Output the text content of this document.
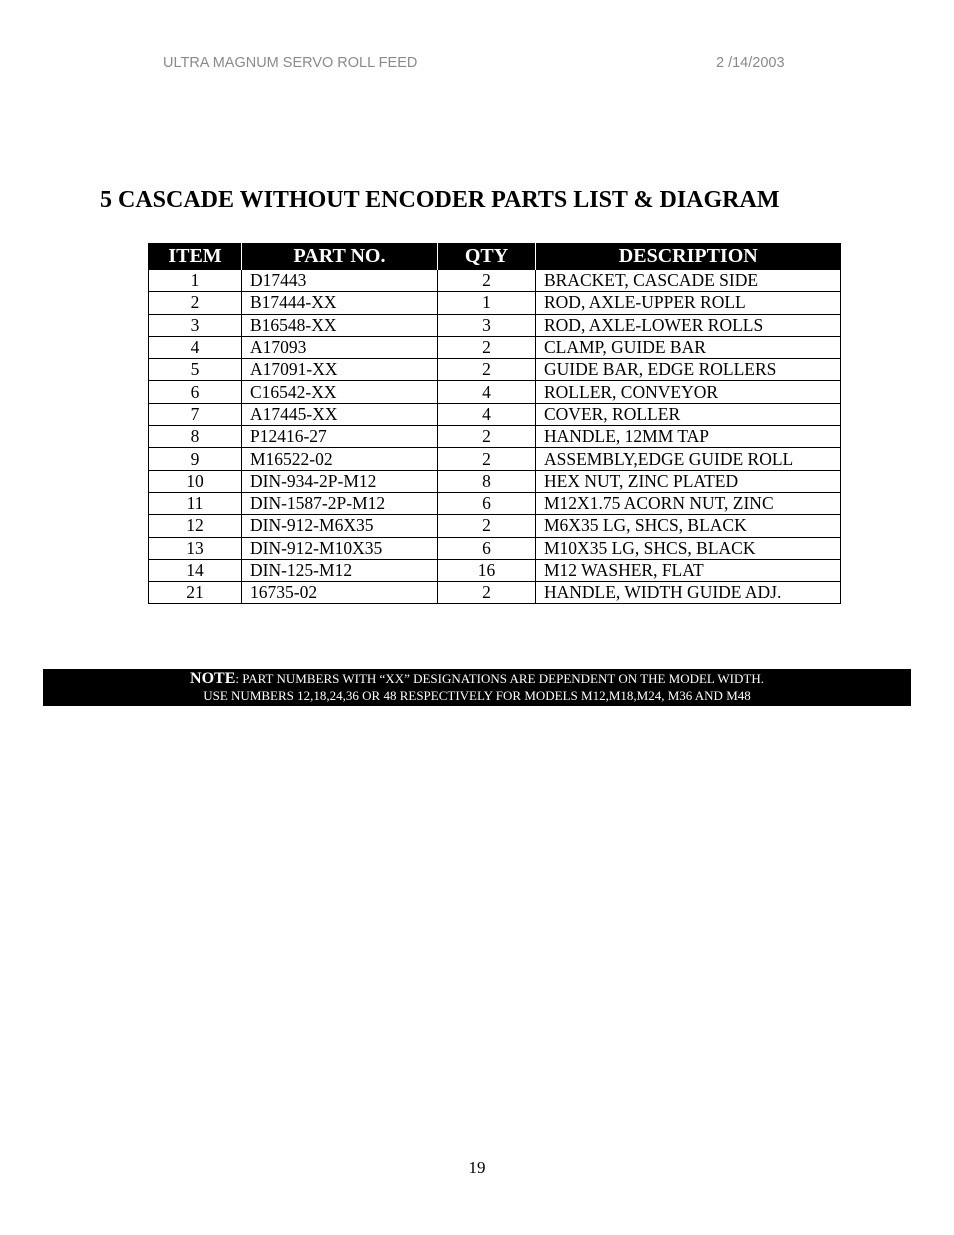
ULTRA MAGNUM SERVO ROLL FEED	2 /14/2003
5 CASCADE WITHOUT ENCODER PARTS LIST & DIAGRAM
ITEM	PART NO.	QTY	DESCRIPTION
1	D17443	2	BRACKET, CASCADE SIDE
2	B17444-XX	1	ROD, AXLE-UPPER ROLL
3	B16548-XX	3	ROD, AXLE-LOWER ROLLS
4	A17093	2	CLAMP, GUIDE BAR
5	A17091-XX	2	GUIDE BAR, EDGE ROLLERS
6	C16542-XX	4	ROLLER, CONVEYOR
7	A17445-XX	4	COVER, ROLLER
8	P12416-27	2	HANDLE, 12MM TAP
9	M16522-02	2	ASSEMBLY,EDGE GUIDE ROLL
10	DIN-934-2P-M12	8	HEX NUT, ZINC PLATED
11	DIN-1587-2P-M12	6	M12X1.75 ACORN NUT, ZINC
12	DIN-912-M6X35	2	M6X35 LG, SHCS, BLACK
13	DIN-912-M10X35	6	M10X35 LG, SHCS, BLACK
14	DIN-125-M12	16	M12 WASHER, FLAT
21	16735-02	2	HANDLE, WIDTH GUIDE ADJ.
NOTE: PART NUMBERS WITH “XX” DESIGNATIONS ARE DEPENDENT ON THE MODEL WIDTH.
USE NUMBERS 12,18,24,36 OR 48 RESPECTIVELY FOR MODELS M12,M18,M24, M36 AND M48
19
